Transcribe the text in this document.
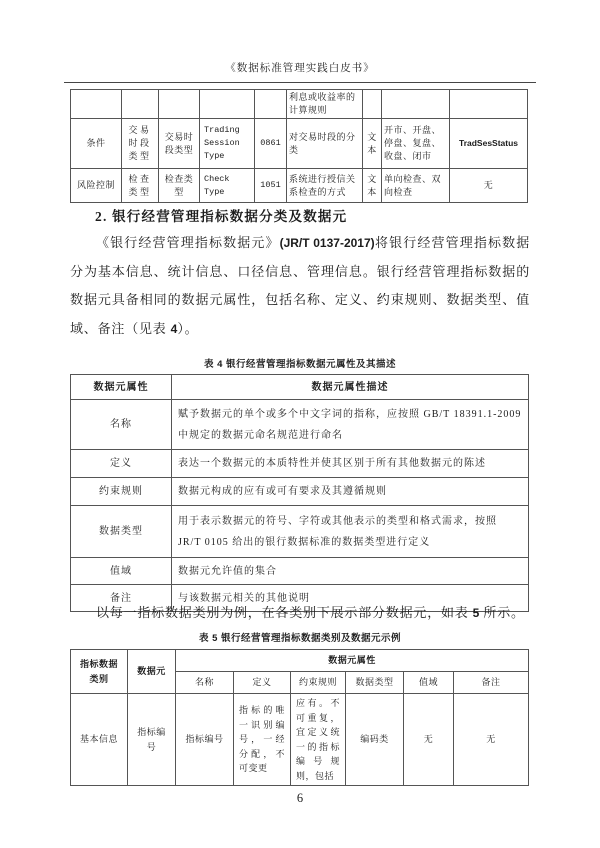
《数据标准管理实践白皮书》
					利息或收益率的计算规则			
条件	交易时段类型	交易时段类型	Trading Session Type	0861	对交易时段的分类	文本	开市、开盘、停盘、复盘、收盘、闭市	TradSesStatus
风险控制	检查类型	检查类型	Check Type	1051	系统进行授信关系检查的方式	文本	单向检查、双向检查	无
2. 银行经营管理指标数据分类及数据元
《银行经营管理指标数据元》(JR/T 0137-2017)将银行经营管理指标数据分为基本信息、统计信息、口径信息、管理信息。银行经营管理指标数据的数据元具备相同的数据元属性，包括名称、定义、约束规则、数据类型、值域、备注（见表 4）。
表 4 银行经营管理指标数据元属性及其描述
数据元属性	数据元属性描述
名称	赋予数据元的单个或多个中文字词的指称，应按照 GB/T 18391.1-2009 中规定的数据元命名规范进行命名
定义	表达一个数据元的本质特性并使其区别于所有其他数据元的陈述
约束规则	数据元构成的应有或可有要求及其遵循规则
数据类型	用于表示数据元的符号、字符或其他表示的类型和格式需求，按照 JR/T 0105 给出的银行数据标准的数据类型进行定义
值域	数据元允许值的集合
备注	与该数据元相关的其他说明
以每一指标数据类别为例，在各类别下展示部分数据元，如表 5 所示。
表 5 银行经营管理指标数据类别及数据元示例
指标数据类别	数据元	数据元属性					
		名称	定义	约束规则	数据类型	值域	备注
基本信息	指标编号	指标编号	指标的唯一识别编号，一经分配，不可变更	应有。不可重复，宜定义统一的指标编号规则，包括	编码类	无	无
6
